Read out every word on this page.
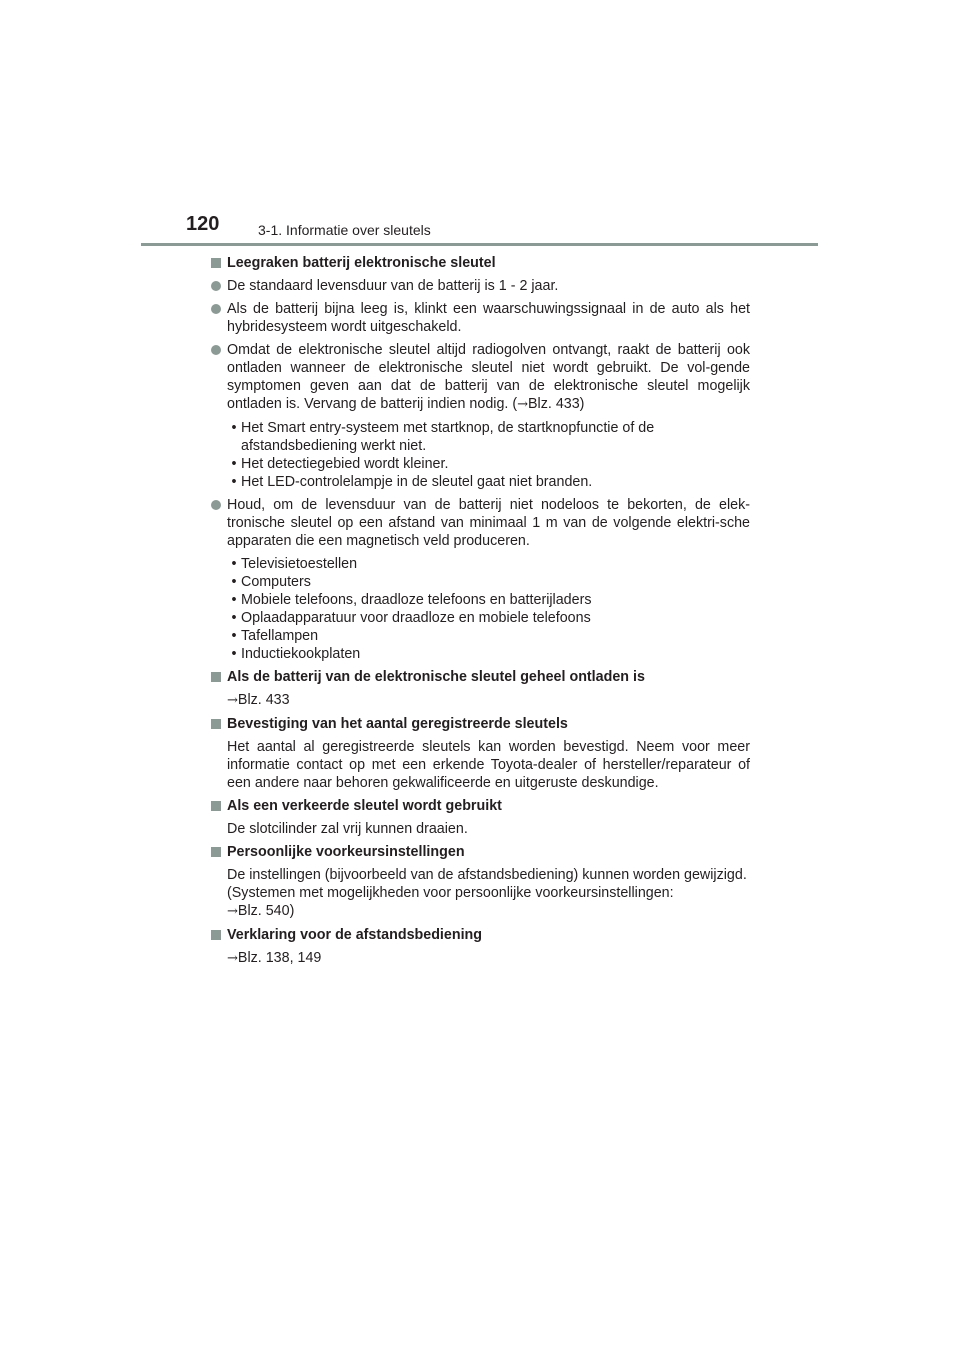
120	3-1. Informatie over sleutels
Leegraken batterij elektronische sleutel
De standaard levensduur van de batterij is 1 - 2 jaar.
Als de batterij bijna leeg is, klinkt een waarschuwingssignaal in de auto als het hybridesysteem wordt uitgeschakeld.
Omdat de elektronische sleutel altijd radiogolven ontvangt, raakt de batterij ook ontladen wanneer de elektronische sleutel niet wordt gebruikt. De vol-gende symptomen geven aan dat de batterij van de elektronische sleutel mogelijk ontladen is. Vervang de batterij indien nodig. (→Blz. 433)
• Het Smart entry-systeem met startknop, de startknopfunctie of de afstandsbediening werkt niet.
• Het detectiegebied wordt kleiner.
• Het LED-controlelampje in de sleutel gaat niet branden.
Houd, om de levensduur van de batterij niet nodeloos te bekorten, de elek-tronische sleutel op een afstand van minimaal 1 m van de volgende elektri-sche apparaten die een magnetisch veld produceren.
• Televisietoestellen
• Computers
• Mobiele telefoons, draadloze telefoons en batterijladers
• Oplaadapparatuur voor draadloze en mobiele telefoons
• Tafellampen
• Inductiekookplaten
Als de batterij van de elektronische sleutel geheel ontladen is
→Blz. 433
Bevestiging van het aantal geregistreerde sleutels
Het aantal al geregistreerde sleutels kan worden bevestigd. Neem voor meer informatie contact op met een erkende Toyota-dealer of hersteller/reparateur of een andere naar behoren gekwalificeerde en uitgeruste deskundige.
Als een verkeerde sleutel wordt gebruikt
De slotcilinder zal vrij kunnen draaien.
Persoonlijke voorkeursinstellingen
De instellingen (bijvoorbeeld van de afstandsbediening) kunnen worden gewijzigd.
(Systemen met mogelijkheden voor persoonlijke voorkeursinstellingen:
→Blz. 540)
Verklaring voor de afstandsbediening
→Blz. 138, 149
